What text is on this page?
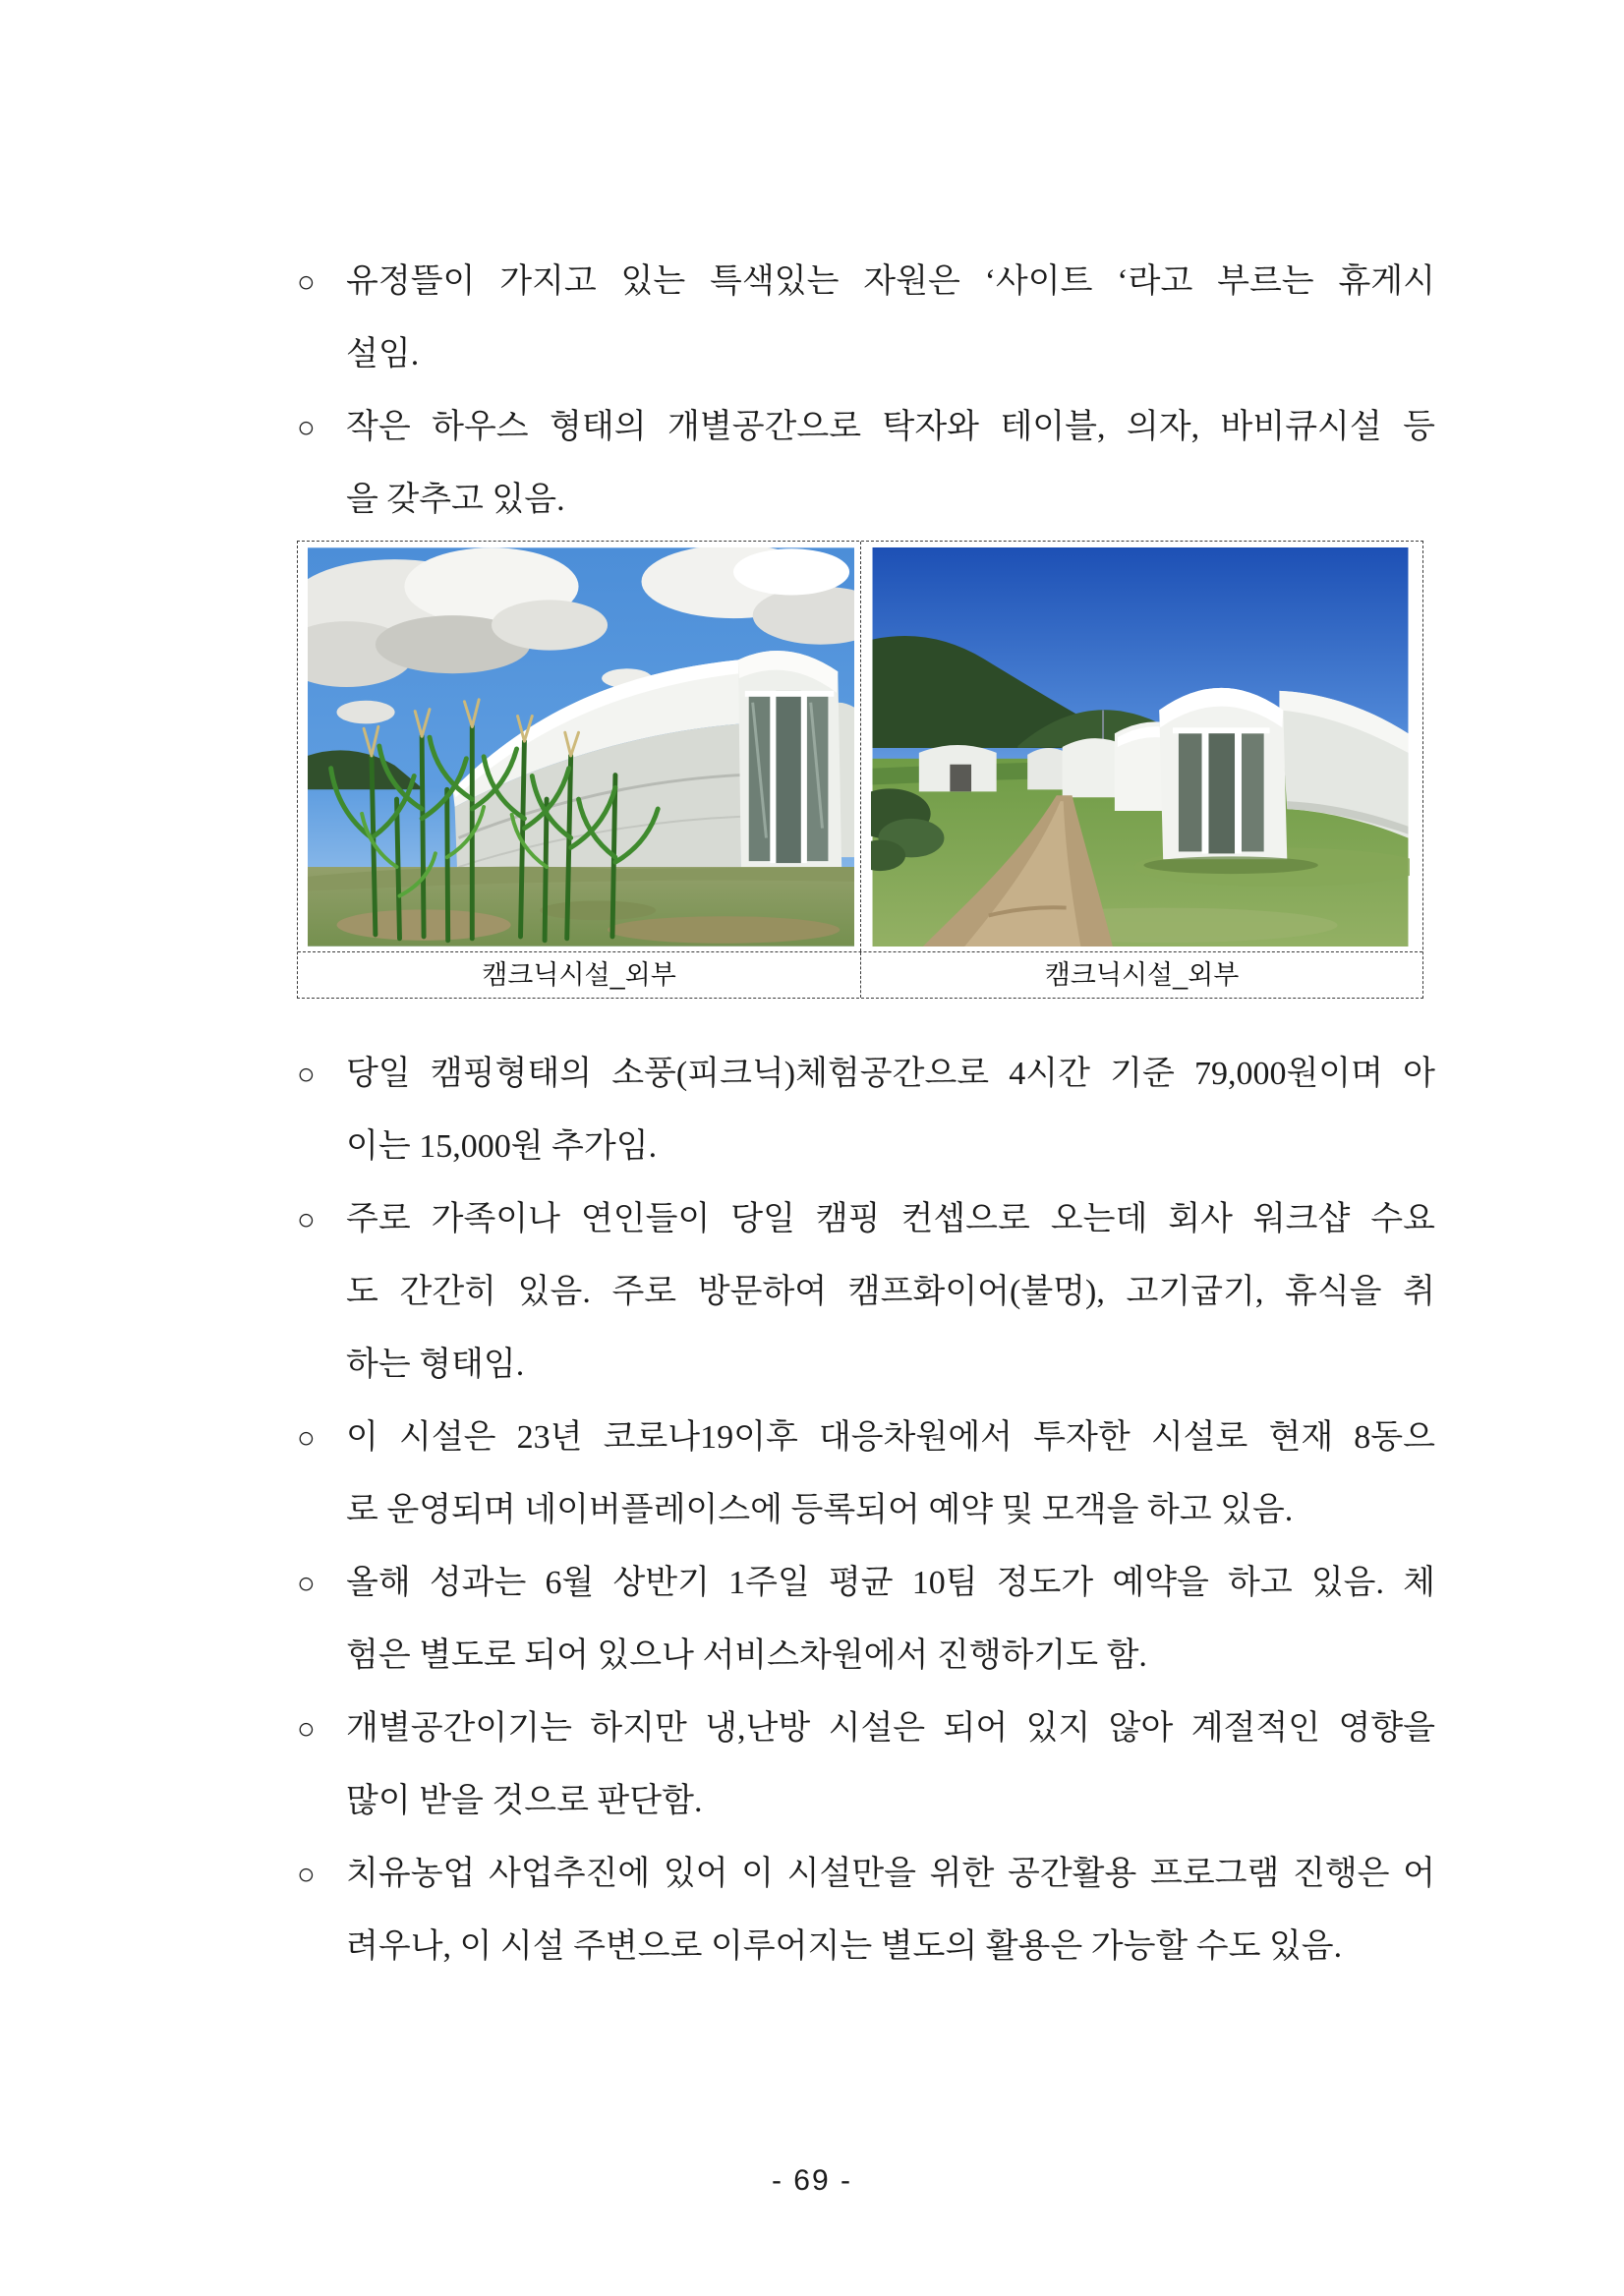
○ 유정뜰이 가지고 있는 특색있는 자원은 ‘사이트 ‘라고 부르는 휴게시
설임.
○ 작은 하우스 형태의 개별공간으로 탁자와 테이블, 의자, 바비큐시설 등
을 갖추고 있음.
캠크닉시설_외부	캠크닉시설_외부
○ 당일 캠핑형태의 소풍(피크닉)체험공간으로 4시간 기준 79,000원이며 아
이는 15,000원 추가임.
○ 주로 가족이나 연인들이 당일 캠핑 컨셉으로 오는데 회사 워크샵 수요
도 간간히 있음. 주로 방문하여 캠프화이어(불멍), 고기굽기, 휴식을 취
하는 형태임.
○ 이 시설은 23년 코로나19이후 대응차원에서 투자한 시설로 현재 8동으
로 운영되며 네이버플레이스에 등록되어 예약 및 모객을 하고 있음.
○ 올해 성과는 6월 상반기 1주일 평균 10팀 정도가 예약을 하고 있음. 체
험은 별도로 되어 있으나 서비스차원에서 진행하기도 함.
○ 개별공간이기는 하지만 냉,난방 시설은 되어 있지 않아 계절적인 영향을
많이 받을 것으로 판단함.
○ 치유농업 사업추진에 있어 이 시설만을 위한 공간활용 프로그램 진행은 어
려우나, 이 시설 주변으로 이루어지는 별도의 활용은 가능할 수도 있음.
- 69 -
